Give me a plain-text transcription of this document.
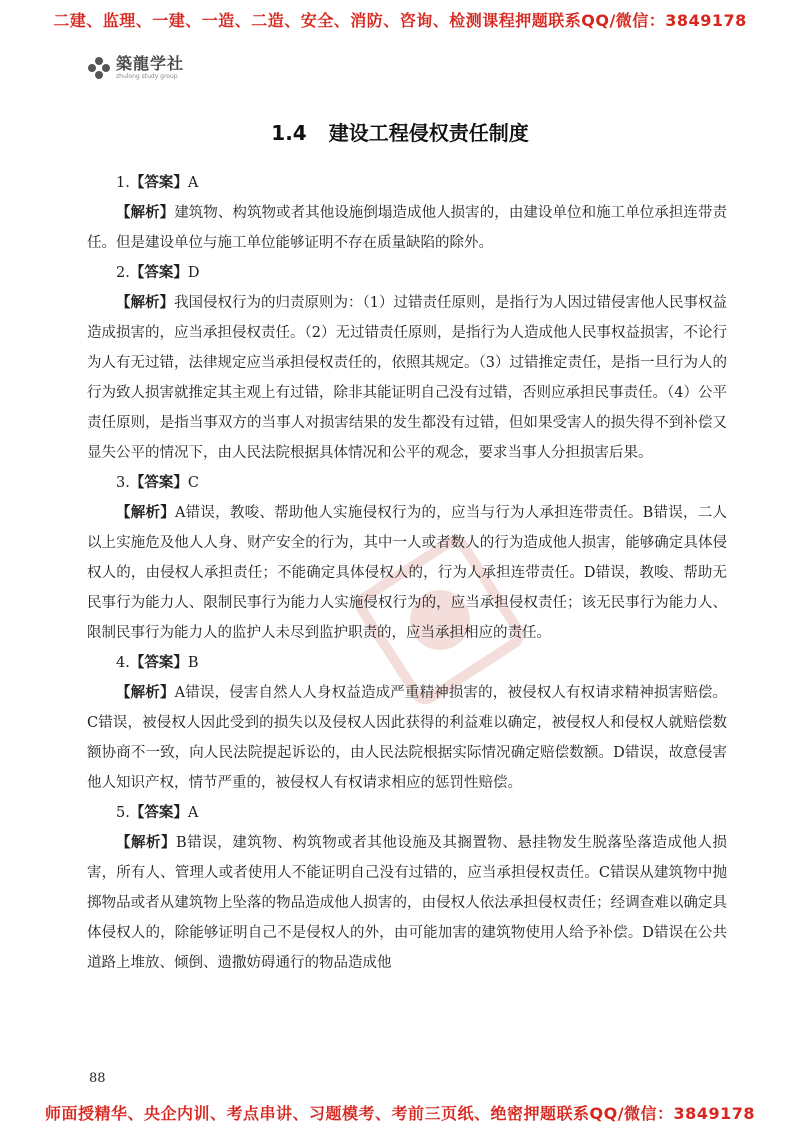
二建、监理、一建、一造、二造、安全、消防、咨询、检测课程押题联系QQ/微信：3849178
築龍学社
zhulong study group
1.4 建设工程侵权责任制度
1.【答案】A

【解析】建筑物、构筑物或者其他设施倒塌造成他人损害的，由建设单位和施工单位承担连带责任。但是建设单位与施工单位能够证明不存在质量缺陷的除外。

2.【答案】D

【解析】我国侵权行为的归责原则为：（1）过错责任原则，是指行为人因过错侵害他人民事权益造成损害的，应当承担侵权责任。（2）无过错责任原则，是指行为人造成他人民事权益损害，不论行为人有无过错，法律规定应当承担侵权责任的，依照其规定。（3）过错推定责任，是指一旦行为人的行为致人损害就推定其主观上有过错，除非其能证明自己没有过错，否则应承担民事责任。（4）公平责任原则，是指当事双方的当事人对损害结果的发生都没有过错，但如果受害人的损失得不到补偿又显失公平的情况下，由人民法院根据具体情况和公平的观念，要求当事人分担损害后果。

3.【答案】C

【解析】A错误，教唆、帮助他人实施侵权行为的，应当与行为人承担连带责任。B错误，二人以上实施危及他人人身、财产安全的行为，其中一人或者数人的行为造成他人损害，能够确定具体侵权人的，由侵权人承担责任；不能确定具体侵权人的，行为人承担连带责任。D错误，教唆、帮助无民事行为能力人、限制民事行为能力人实施侵权行为的，应当承担侵权责任；该无民事行为能力人、限制民事行为能力人的监护人未尽到监护职责的，应当承担相应的责任。

4.【答案】B

【解析】A错误，侵害自然人人身权益造成严重精神损害的，被侵权人有权请求精神损害赔偿。C错误，被侵权人因此受到的损失以及侵权人因此获得的利益难以确定，被侵权人和侵权人就赔偿数额协商不一致，向人民法院提起诉讼的，由人民法院根据实际情况确定赔偿数额。D错误，故意侵害他人知识产权，情节严重的，被侵权人有权请求相应的惩罚性赔偿。

5.【答案】A

【解析】B错误，建筑物、构筑物或者其他设施及其搁置物、悬挂物发生脱落坠落造成他人损害，所有人、管理人或者使用人不能证明自己没有过错的，应当承担侵权责任。C错误从建筑物中抛掷物品或者从建筑物上坠落的物品造成他人损害的，由侵权人依法承担侵权责任；经调查难以确定具体侵权人的，除能够证明自己不是侵权人的外，由可能加害的建筑物使用人给予补偿。D错误在公共道路上堆放、倾倒、遗撒妨碍通行的物品造成他

88
师面授精华、央企内训、考点串讲、习题模考、考前三页纸、绝密押题联系QQ/微信：3849178
